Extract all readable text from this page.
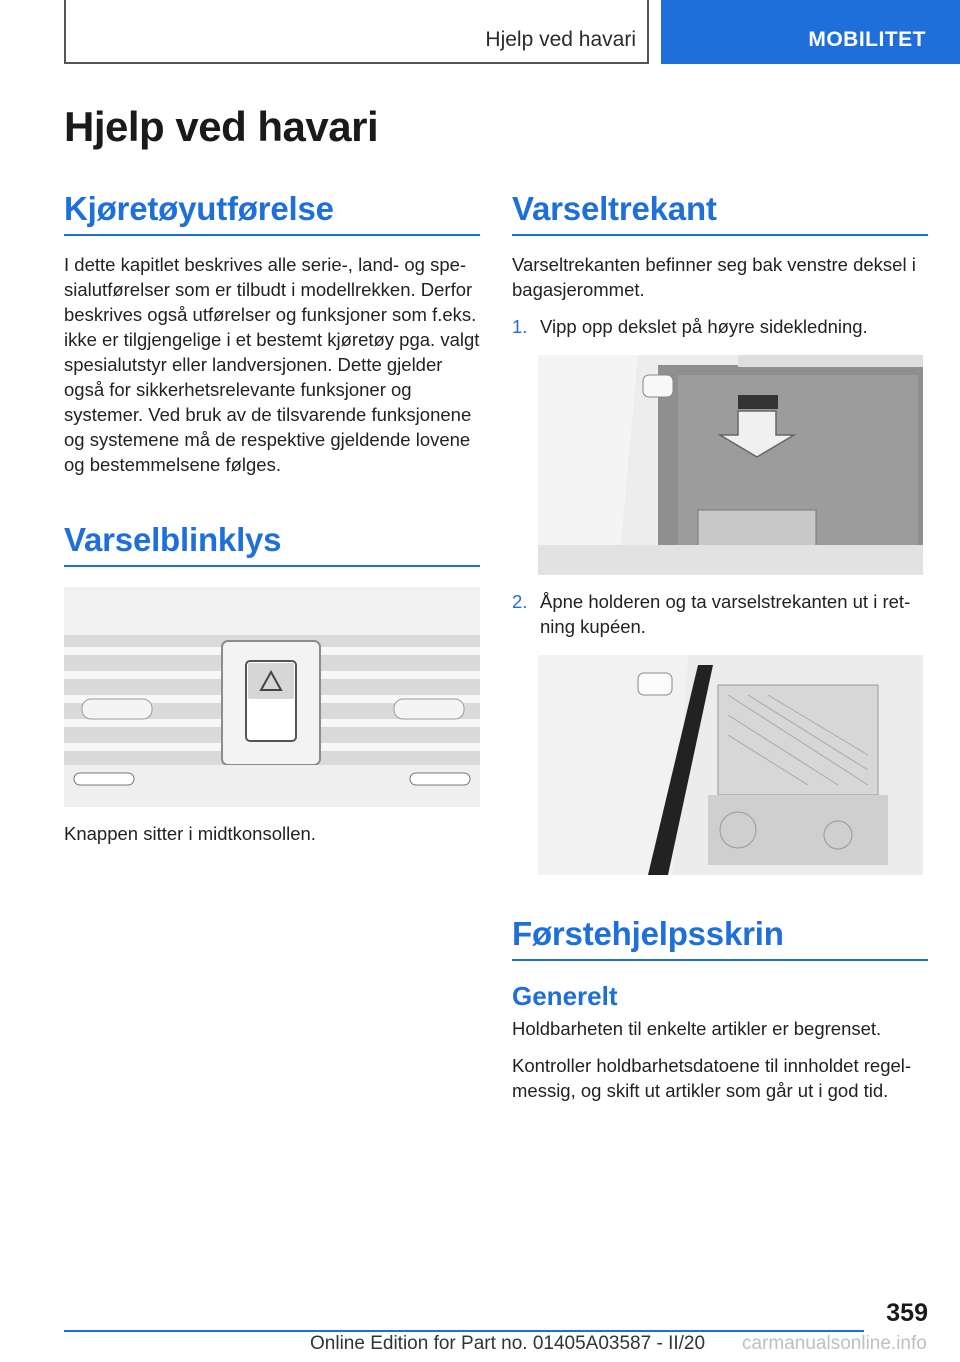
Hjelp ved havari	MOBILITET
Hjelp ved havari
Kjøretøyutførelse

I dette kapitlet beskrives alle serie-, land- og spesialutførelser som er tilbudt i modellrekken. Derfor beskrives også utførelser og funksjoner som f.eks. ikke er tilgjengelige i et bestemt kjøretøy pga. valgt spesialutstyr eller landversjonen. Dette gjelder også for sikkerhetsrelevante funksjoner og systemer. Ved bruk av de tilsvarende funksjonene og systemene må de respektive gjeldende lovene og bestemmelsene følges.

Varselblinklys

Knappen sitter i midtkonsollen.

Varseltrekant

Varseltrekanten befinner seg bak venstre deksel i bagasjerommet.

1. Vipp opp dekslet på høyre sidekledning.
2. Åpne holderen og ta varselstrekanten ut i retning kupéen.
Førstehjelpsskrin
Generelt

Holdbarheten til enkelte artikler er begrenset.

Kontroller holdbarhetsdatoene til innholdet regelmessig, og skift ut artikler som går ut i god tid.

359
Online Edition for Part no. 01405A03587 - II/20 carmanualsonline.info
